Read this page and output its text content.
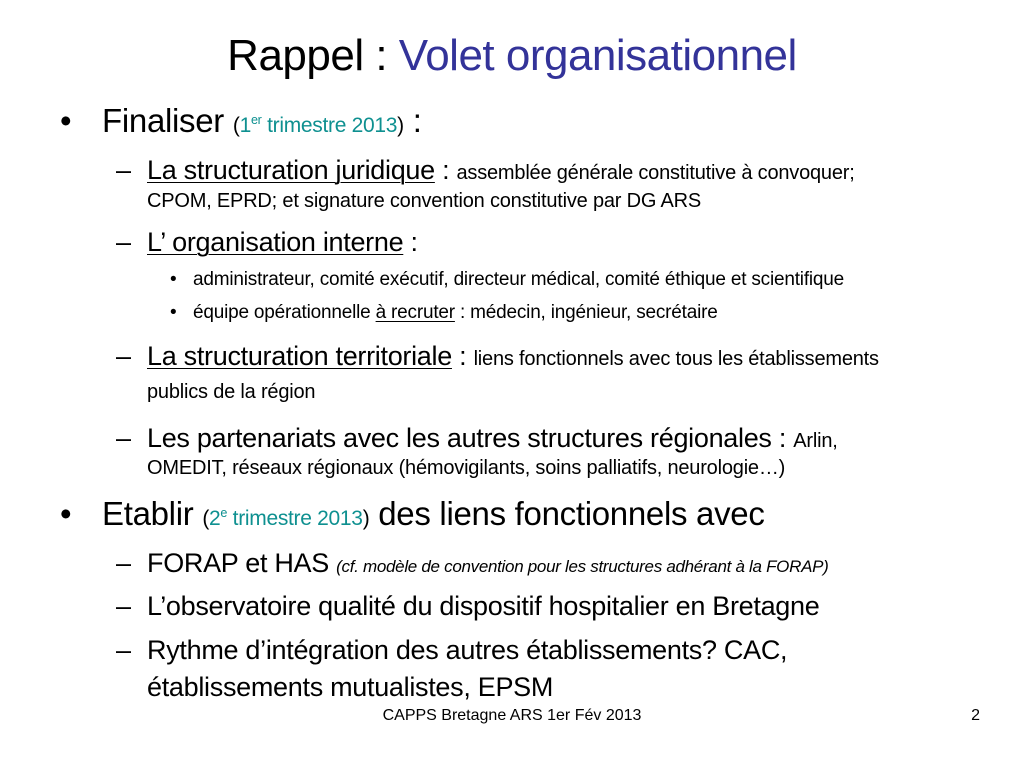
Rappel : Volet organisationnel
• Finaliser (1er trimestre 2013) :
– La structuration juridique : assemblée générale constitutive à convoquer;
CPOM, EPRD; et signature convention constitutive par DG ARS
– L’ organisation interne :
• administrateur, comité exécutif, directeur médical, comité éthique et scientifique
• équipe opérationnelle à recruter : médecin, ingénieur, secrétaire
– La structuration territoriale : liens fonctionnels avec tous les établissements
publics de la région
– Les partenariats avec les autres structures régionales : Arlin,
OMEDIT, réseaux régionaux (hémovigilants, soins palliatifs, neurologie…)
• Etablir (2e trimestre 2013) des liens fonctionnels avec
– FORAP et HAS (cf. modèle de convention pour les structures adhérant à la FORAP)
– L’observatoire qualité du dispositif hospitalier en Bretagne
– Rythme d’intégration des autres établissements? CAC,
établissements mutualistes, EPSM
CAPPS Bretagne ARS 1er Fév 2013	2
